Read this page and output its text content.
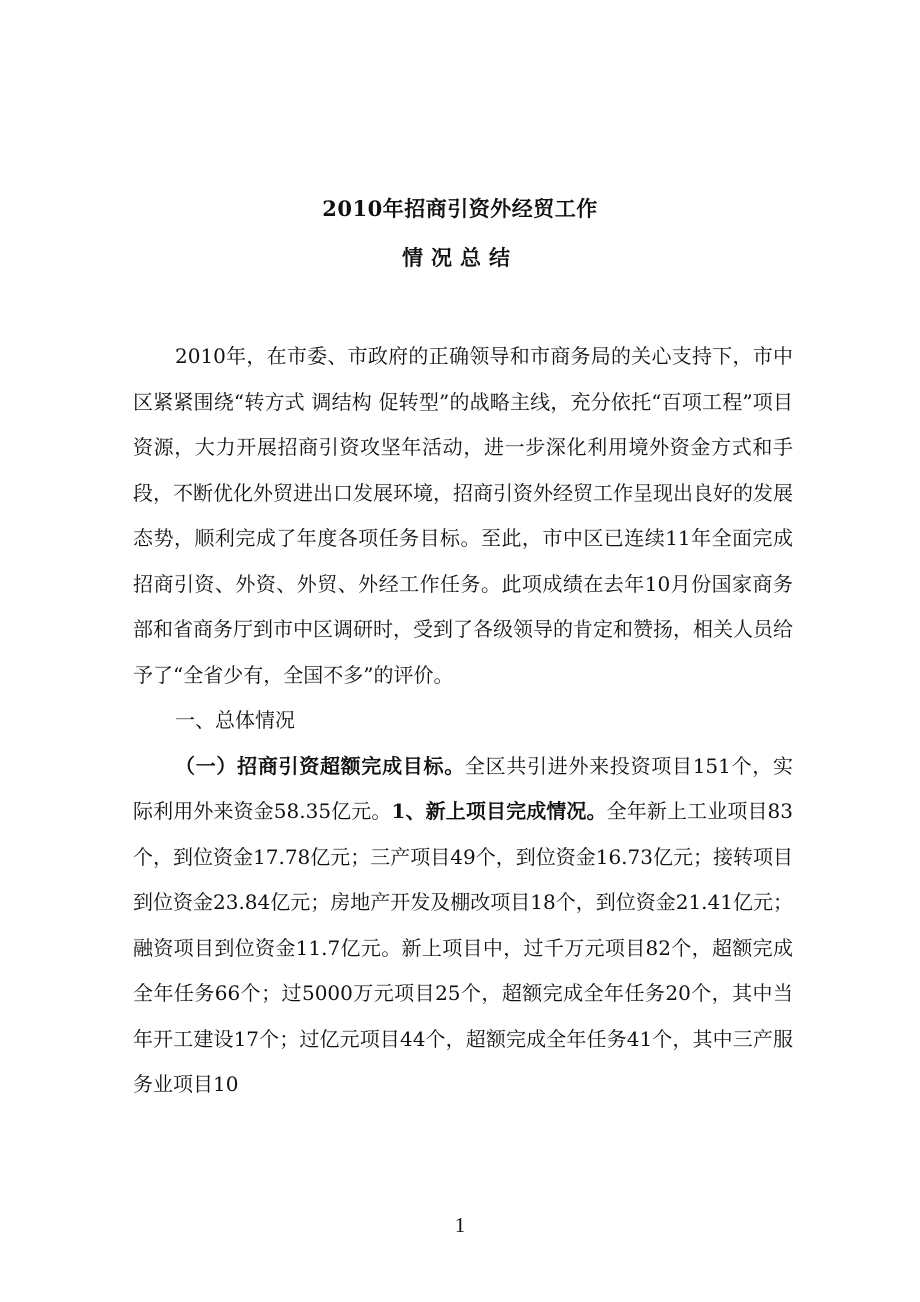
2010年招商引资外经贸工作
情况总结

2010年，在市委、市政府的正确领导和市商务局的关心支持下，市中区紧紧围绕“转方式 调结构 促转型”的战略主线，充分依托“百项工程”项目资源，大力开展招商引资攻坚年活动，进一步深化利用境外资金方式和手段，不断优化外贸进出口发展环境，招商引资外经贸工作呈现出良好的发展态势，顺利完成了年度各项任务目标。至此，市中区已连续11年全面完成招商引资、外资、外贸、外经工作任务。此项成绩在去年10月份国家商务部和省商务厅到市中区调研时，受到了各级领导的肯定和赞扬，相关人员给予了“全省少有，全国不多”的评价。

一、总体情况

（一）招商引资超额完成目标。全区共引进外来投资项目151个，实际利用外来资金58.35亿元。1、新上项目完成情况。全年新上工业项目83个，到位资金17.78亿元；三产项目49个，到位资金16.73亿元；接转项目到位资金23.84亿元；房地产开发及棚改项目18个，到位资金21.41亿元；融资项目到位资金11.7亿元。新上项目中，过千万元项目82个，超额完成全年任务66个；过5000万元项目25个，超额完成全年任务20个，其中当年开工建设17个；过亿元项目44个，超额完成全年任务41个，其中三产服务业项目10

1
